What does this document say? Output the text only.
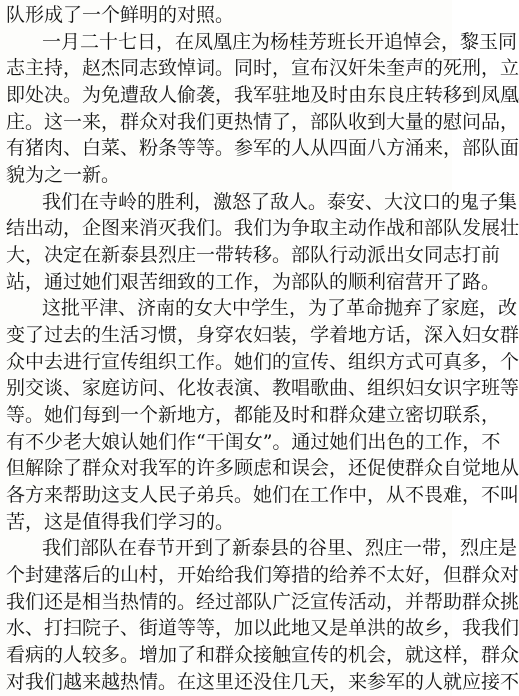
队形成了一个鲜明的对照。
一月二十七日，在凤凰庄为杨桂芳班长开追悼会，黎玉同
志主持，赵杰同志致悼词。同时，宣布汉奸朱奎声的死刑，立
即处决。为免遭敌人偷袭，我军驻地及时由东良庄转移到凤凰
庄。这一来，群众对我们更热情了，部队收到大量的慰问品，
有猪肉、白菜、粉条等等。参军的人从四面八方涌来，部队面
貌为之一新。
我们在寺岭的胜利，激怒了敌人。泰安、大汶口的鬼子集
结出动，企图来消灭我们。我们为争取主动作战和部队发展壮
大，决定在新泰县烈庄一带转移。部队行动派出女同志打前
站，通过她们艰苦细致的工作，为部队的顺利宿营开了路。
这批平津、济南的女大中学生，为了革命抛弃了家庭，改
变了过去的生活习惯，身穿农妇装，学着地方话，深入妇女群
众中去进行宣传组织工作。她们的宣传、组织方式可真多，个
别交谈、家庭访问、化妆表演、教唱歌曲、组织妇女识字班等
等。她们每到一个新地方，都能及时和群众建立密切联系，
有不少老大娘认她们作“干闺女”。通过她们出色的工作，不
但解除了群众对我军的许多顾虑和误会，还促使群众自觉地从
各方来帮助这支人民子弟兵。她们在工作中，从不畏难，不叫
苦，这是值得我们学习的。
我们部队在春节开到了新泰县的谷里、烈庄一带，烈庄是
个封建落后的山村，开始给我们筹措的给养不太好，但群众对
我们还是相当热情的。经过部队广泛宣传活动，并帮助群众挑
水、打扫院子、街道等等，加以此地又是单洪的故乡，我我们
看病的人较多。增加了和群众接触宣传的机会，就这样，群众
对我们越来越热情。在这里还没住几天，来参军的人就应接不
